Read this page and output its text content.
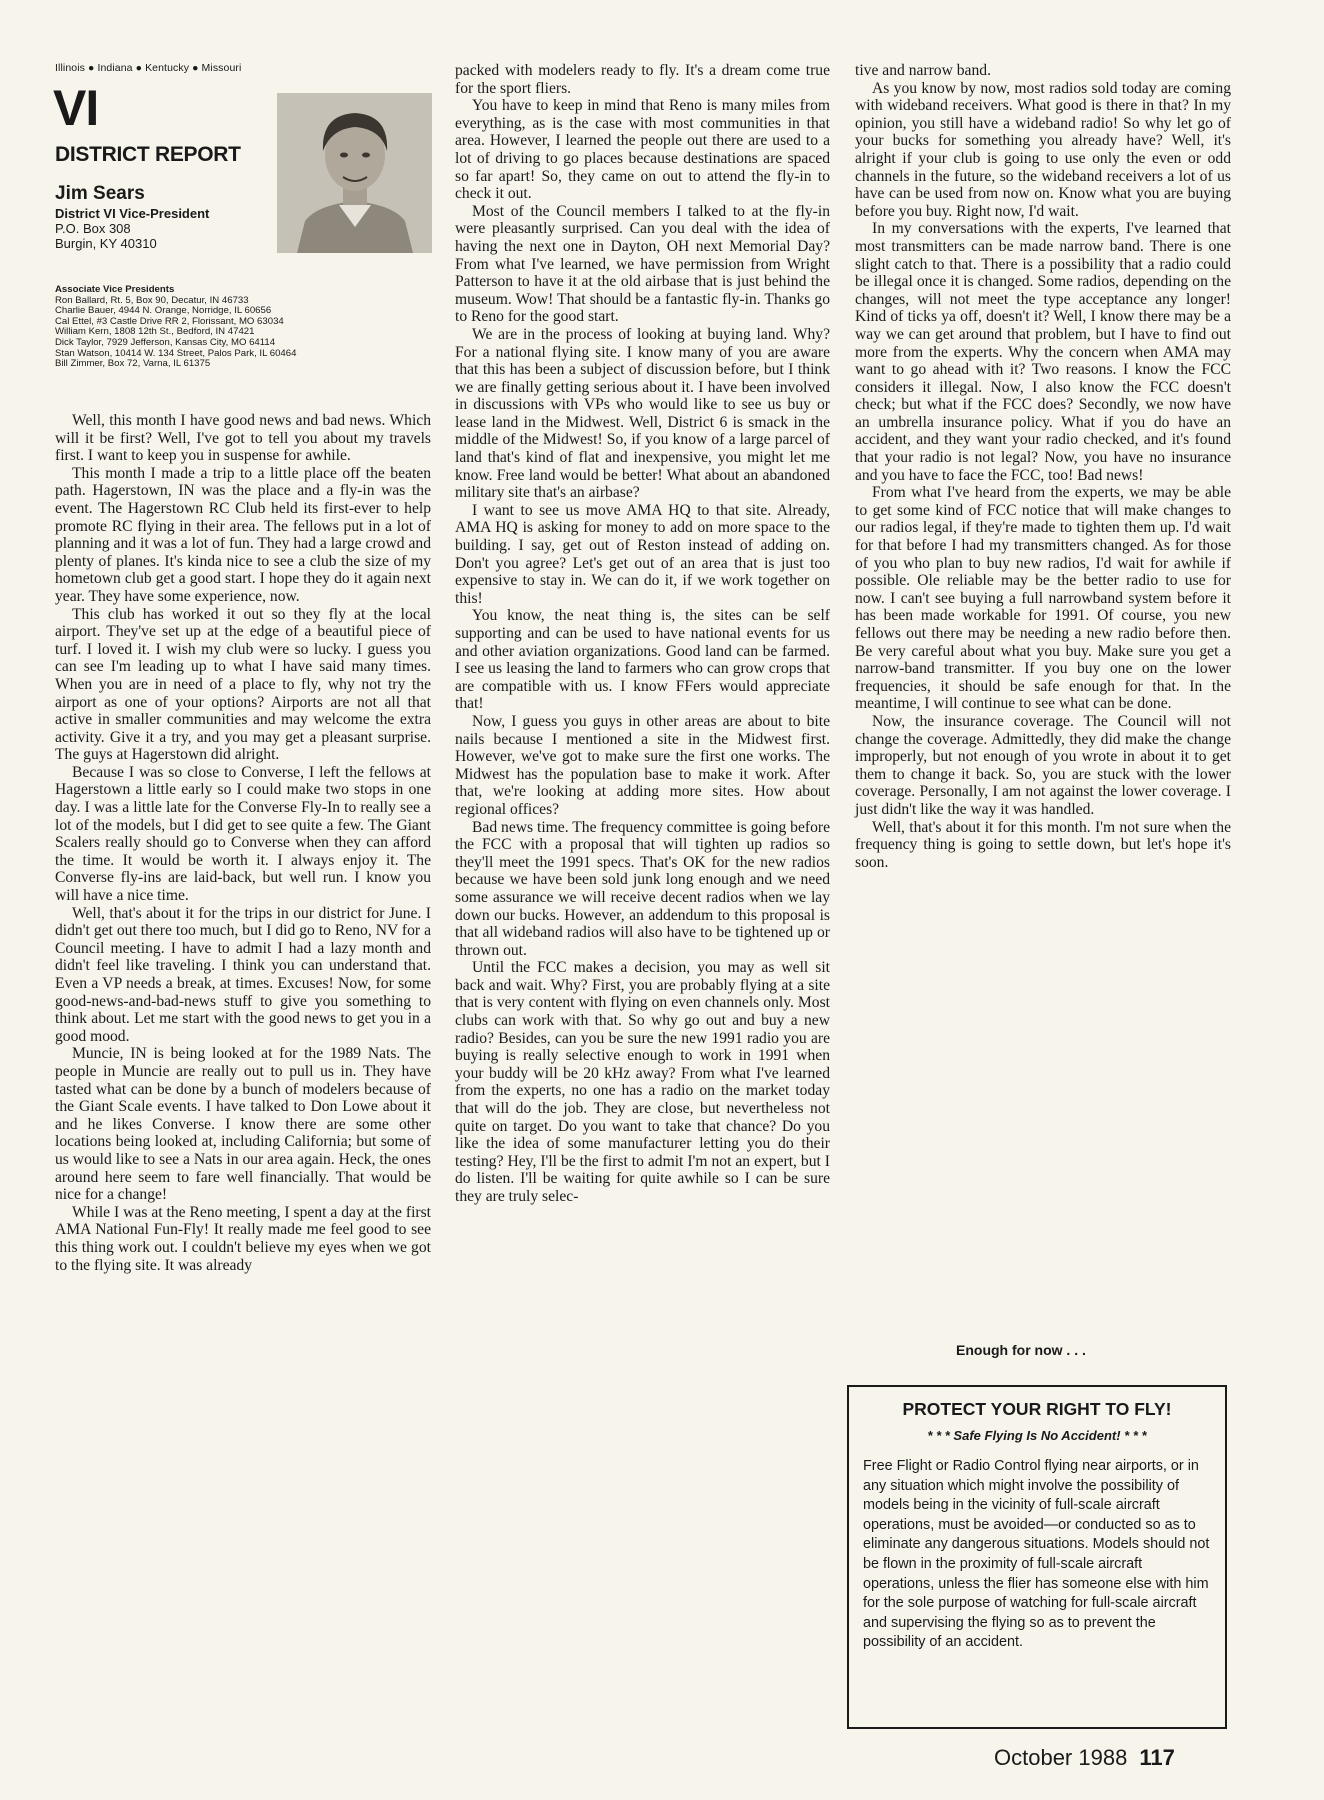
Illinois ● Indiana ● Kentucky ● Missouri
VI
DISTRICT REPORT
Jim Sears
District VI Vice-President
P.O. Box 308
Burgin, KY 40310
Associate Vice Presidents
Ron Ballard, Rt. 5, Box 90, Decatur, IN 46733
Charlie Bauer, 4944 N. Orange, Norridge, IL 60656
Cal Ettel, #3 Castle Drive RR 2, Florissant, MO 63034
William Kern, 1808 12th St., Bedford, IN 47421
Dick Taylor, 7929 Jefferson, Kansas City, MO 64114
Stan Watson, 10414 W. 134 Street, Palos Park, IL 60464
Bill Zimmer, Box 72, Varna, IL 61375

Well, this month I have good news and bad news. Which will it be first? Well, I've got to tell you about my travels first. I want to keep you in suspense for awhile.

This month I made a trip to a little place off the beaten path. Hagerstown, IN was the place and a fly-in was the event. The Hagerstown RC Club held its first-ever to help promote RC flying in their area. The fellows put in a lot of planning and it was a lot of fun. They had a large crowd and plenty of planes. It's kinda nice to see a club the size of my hometown club get a good start. I hope they do it again next year. They have some experience, now.

This club has worked it out so they fly at the local airport. They've set up at the edge of a beautiful piece of turf. I loved it. I wish my club were so lucky. I guess you can see I'm leading up to what I have said many times. When you are in need of a place to fly, why not try the airport as one of your options? Airports are not all that active in smaller communities and may welcome the extra activity. Give it a try, and you may get a pleasant surprise. The guys at Hagerstown did alright.

Because I was so close to Converse, I left the fellows at Hagerstown a little early so I could make two stops in one day. I was a little late for the Converse Fly-In to really see a lot of the models, but I did get to see quite a few. The Giant Scalers really should go to Converse when they can afford the time. It would be worth it. I always enjoy it. The Converse fly-ins are laid-back, but well run. I know you will have a nice time.

Well, that's about it for the trips in our district for June. I didn't get out there too much, but I did go to Reno, NV for a Council meeting. I have to admit I had a lazy month and didn't feel like traveling. I think you can understand that. Even a VP needs a break, at times. Excuses! Now, for some good-news-and-bad-news stuff to give you something to think about. Let me start with the good news to get you in a good mood.

Muncie, IN is being looked at for the 1989 Nats. The people in Muncie are really out to pull us in. They have tasted what can be done by a bunch of modelers because of the Giant Scale events. I have talked to Don Lowe about it and he likes Converse. I know there are some other locations being looked at, including California; but some of us would like to see a Nats in our area again. Heck, the ones around here seem to fare well financially. That would be nice for a change!

While I was at the Reno meeting, I spent a day at the first AMA National Fun-Fly! It really made me feel good to see this thing work out. I couldn't believe my eyes when we got to the flying site. It was already

packed with modelers ready to fly. It's a dream come true for the sport fliers.

You have to keep in mind that Reno is many miles from everything, as is the case with most communities in that area. However, I learned the people out there are used to a lot of driving to go places because destinations are spaced so far apart! So, they came on out to attend the fly-in to check it out.

Most of the Council members I talked to at the fly-in were pleasantly surprised. Can you deal with the idea of having the next one in Dayton, OH next Memorial Day? From what I've learned, we have permission from Wright Patterson to have it at the old airbase that is just behind the museum. Wow! That should be a fantastic fly-in. Thanks go to Reno for the good start.

We are in the process of looking at buying land. Why? For a national flying site. I know many of you are aware that this has been a subject of discussion before, but I think we are finally getting serious about it. I have been involved in discussions with VPs who would like to see us buy or lease land in the Midwest. Well, District 6 is smack in the middle of the Midwest! So, if you know of a large parcel of land that's kind of flat and inexpensive, you might let me know. Free land would be better! What about an abandoned military site that's an airbase?

I want to see us move AMA HQ to that site. Already, AMA HQ is asking for money to add on more space to the building. I say, get out of Reston instead of adding on. Don't you agree? Let's get out of an area that is just too expensive to stay in. We can do it, if we work together on this!

You know, the neat thing is, the sites can be self supporting and can be used to have national events for us and other aviation organizations. Good land can be farmed. I see us leasing the land to farmers who can grow crops that are compatible with us. I know FFers would appreciate that!

Now, I guess you guys in other areas are about to bite nails because I mentioned a site in the Midwest first. However, we've got to make sure the first one works. The Midwest has the population base to make it work. After that, we're looking at adding more sites. How about regional offices?

Bad news time. The frequency committee is going before the FCC with a proposal that will tighten up radios so they'll meet the 1991 specs. That's OK for the new radios because we have been sold junk long enough and we need some assurance we will receive decent radios when we lay down our bucks. However, an addendum to this proposal is that all wideband radios will also have to be tightened up or thrown out.

Until the FCC makes a decision, you may as well sit back and wait. Why? First, you are probably flying at a site that is very content with flying on even channels only. Most clubs can work with that. So why go out and buy a new radio? Besides, can you be sure the new 1991 radio you are buying is really selective enough to work in 1991 when your buddy will be 20 kHz away? From what I've learned from the experts, no one has a radio on the market today that will do the job. They are close, but nevertheless not quite on target. Do you want to take that chance? Do you like the idea of some manufacturer letting you do their testing? Hey, I'll be the first to admit I'm not an expert, but I do listen. I'll be waiting for quite awhile so I can be sure they are truly selec-

tive and narrow band.

As you know by now, most radios sold today are coming with wideband receivers. What good is there in that? In my opinion, you still have a wideband radio! So why let go of your bucks for something you already have? Well, it's alright if your club is going to use only the even or odd channels in the future, so the wideband receivers a lot of us have can be used from now on. Know what you are buying before you buy. Right now, I'd wait.

In my conversations with the experts, I've learned that most transmitters can be made narrow band. There is one slight catch to that. There is a possibility that a radio could be illegal once it is changed. Some radios, depending on the changes, will not meet the type acceptance any longer! Kind of ticks ya off, doesn't it? Well, I know there may be a way we can get around that problem, but I have to find out more from the experts. Why the concern when AMA may want to go ahead with it? Two reasons. I know the FCC considers it illegal. Now, I also know the FCC doesn't check; but what if the FCC does? Secondly, we now have an umbrella insurance policy. What if you do have an accident, and they want your radio checked, and it's found that your radio is not legal? Now, you have no insurance and you have to face the FCC, too! Bad news!

From what I've heard from the experts, we may be able to get some kind of FCC notice that will make changes to our radios legal, if they're made to tighten them up. I'd wait for that before I had my transmitters changed. As for those of you who plan to buy new radios, I'd wait for awhile if possible. Ole reliable may be the better radio to use for now. I can't see buying a full narrowband system before it has been made workable for 1991. Of course, you new fellows out there may be needing a new radio before then. Be very careful about what you buy. Make sure you get a narrow-band transmitter. If you buy one on the lower frequencies, it should be safe enough for that. In the meantime, I will continue to see what can be done.

Now, the insurance coverage. The Council will not change the coverage. Admittedly, they did make the change improperly, but not enough of you wrote in about it to get them to change it back. So, you are stuck with the lower coverage. Personally, I am not against the lower coverage. I just didn't like the way it was handled.

Well, that's about it for this month. I'm not sure when the frequency thing is going to settle down, but let's hope it's soon.

Enough for now . . .
PROTECT YOUR RIGHT TO FLY!
* * * Safe Flying Is No Accident! * * *
Free Flight or Radio Control flying near airports, or in any situation which might involve the possibility of models being in the vicinity of full-scale aircraft operations, must be avoided—or conducted so as to eliminate any dangerous situations. Models should not be flown in the proximity of full-scale aircraft operations, unless the flier has someone else with him for the sole purpose of watching for full-scale aircraft and supervising the flying so as to prevent the possibility of an accident.
October 1988 117
